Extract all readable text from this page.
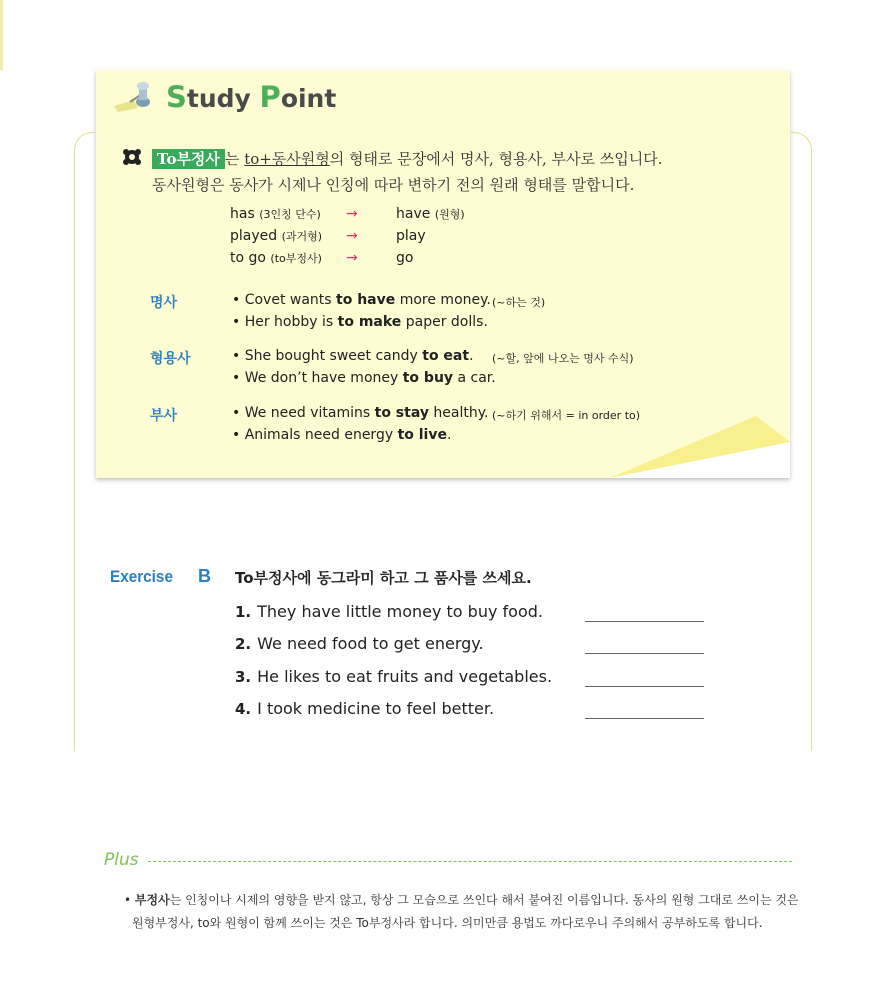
Study Point
To부정사 는 to+동사원형의 형태로 문장에서 명사, 형용사, 부사로 쓰입니다.
동사원형은 동사가 시제나 인칭에 따라 변하기 전의 원래 형태를 말합니다.
has (3인칭 단수) →	have (원형)
played (과거형) →	play
to go (to부정사) →	go
명사	• Covet wants to have more money.
• Her hobby is to make paper dolls.
(~하는 것)
형용사	• She bought sweet candy to eat.
• We don’t have money to buy a car.
(~할, 앞에 나오는 명사 수식)
부사	• We need vitamins to stay healthy.
• Animals need energy to live.
(~하기 위해서 = in order to)
Exercise B To부정사에 동그라미 하고 그 품사를 쓰세요.
1. They have little money to buy food.
2. We need food to get energy.
3. He likes to eat fruits and vegetables.
4. I took medicine to feel better.
Plus
• 부정사는 인칭이나 시제의 영향을 받지 않고, 항상 그 모습으로 쓰인다 해서 붙여진 이름입니다. 동사의 원형 그대로 쓰이는 것은
원형부정사, to와 원형이 함께 쓰이는 것은 To부정사라 합니다. 의미만큼 용법도 까다로우니 주의해서 공부하도록 합니다.
